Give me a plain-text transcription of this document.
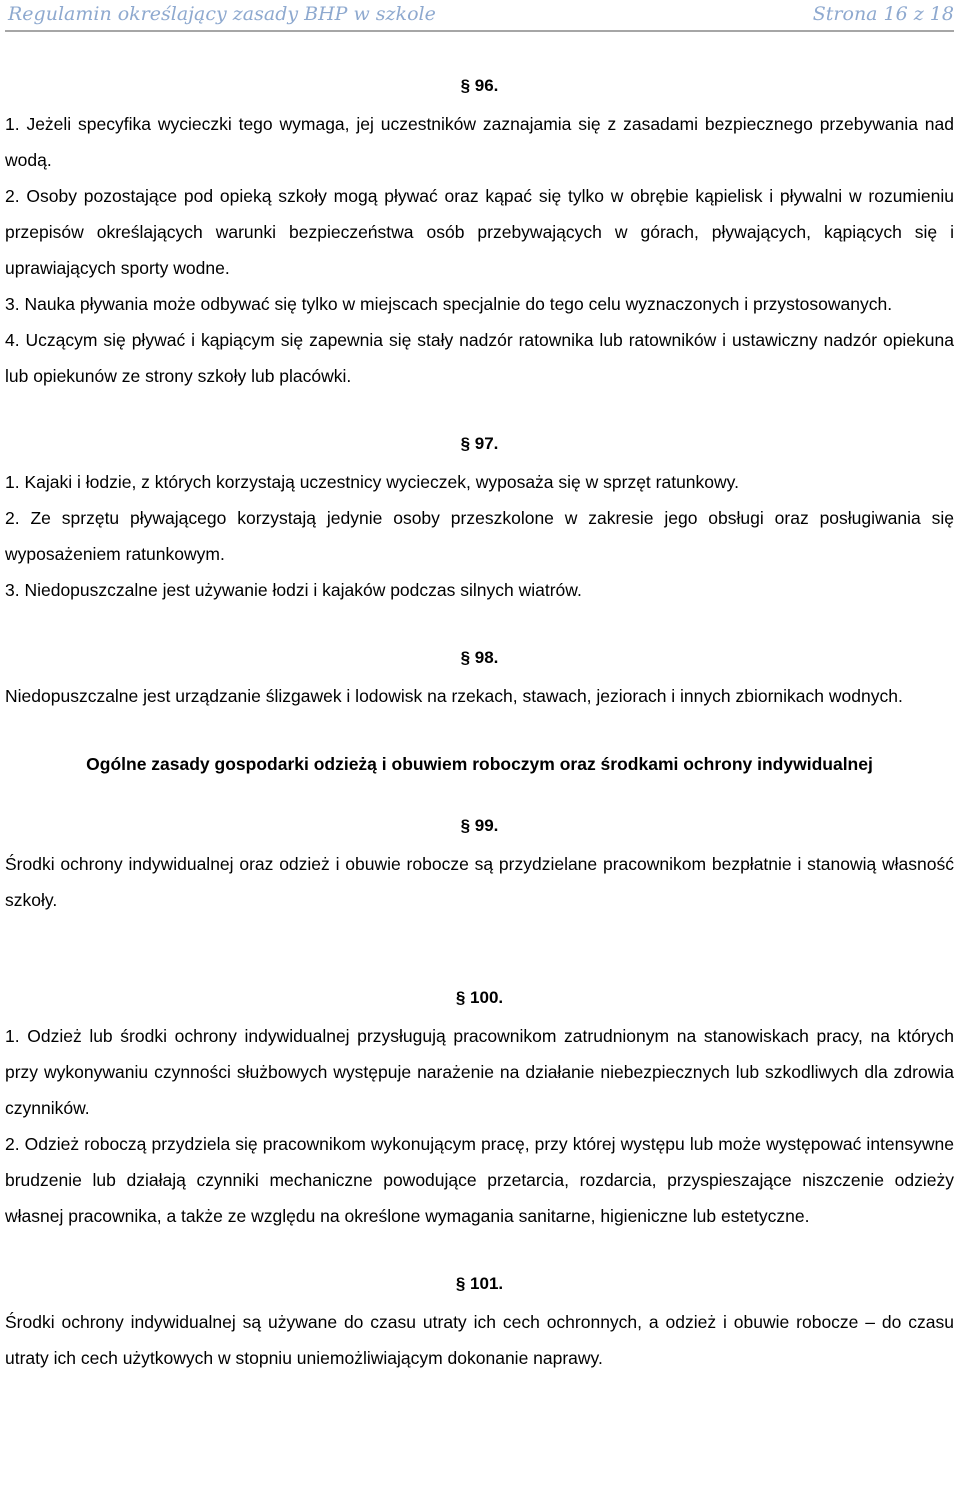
Regulamin określający zasady BHP w szkole	Strona 16 z 18
§ 96.

1. Jeżeli specyfika wycieczki tego wymaga, jej uczestników zaznajamia się z zasadami bezpiecznego przebywania nad wodą.

2. Osoby pozostające pod opieką szkoły mogą pływać oraz kąpać się tylko w obrębie kąpielisk i pływalni w rozumieniu przepisów określających warunki bezpieczeństwa osób przebywających w górach, pływających, kąpiących się i uprawiających sporty wodne.

3. Nauka pływania może odbywać się tylko w miejscach specjalnie do tego celu wyznaczonych i przystosowanych.

4. Uczącym się pływać i kąpiącym się zapewnia się stały nadzór ratownika lub ratowników i ustawiczny nadzór opiekuna lub opiekunów ze strony szkoły lub placówki.

§ 97.

1. Kajaki i łodzie, z których korzystają uczestnicy wycieczek, wyposaża się w sprzęt ratunkowy.

2. Ze sprzętu pływającego korzystają jedynie osoby przeszkolone w zakresie jego obsługi oraz posługiwania się wyposażeniem ratunkowym.

3. Niedopuszczalne jest używanie łodzi i kajaków podczas silnych wiatrów.

§ 98.

Niedopuszczalne jest urządzanie ślizgawek i lodowisk na rzekach, stawach, jeziorach i innych zbiornikach wodnych.

Ogólne zasady gospodarki odzieżą i obuwiem roboczym oraz środkami ochrony indywidualnej
§ 99.

Środki ochrony indywidualnej oraz odzież i obuwie robocze są przydzielane pracownikom bezpłatnie i stanowią własność szkoły.

§ 100.

1. Odzież lub środki ochrony indywidualnej przysługują pracownikom zatrudnionym na stanowiskach pracy, na których przy wykonywaniu czynności służbowych występuje narażenie na działanie niebezpiecznych lub szkodliwych dla zdrowia czynników.

2. Odzież roboczą przydziela się pracownikom wykonującym pracę, przy której występu lub może występować intensywne brudzenie lub działają czynniki mechaniczne powodujące przetarcia, rozdarcia, przyspieszające niszczenie odzieży własnej pracownika, a także ze względu na określone wymagania sanitarne, higieniczne lub estetyczne.

§ 101.

Środki ochrony indywidualnej są używane do czasu utraty ich cech ochronnych, a odzież i obuwie robocze – do czasu utraty ich cech użytkowych w stopniu uniemożliwiającym dokonanie naprawy.
